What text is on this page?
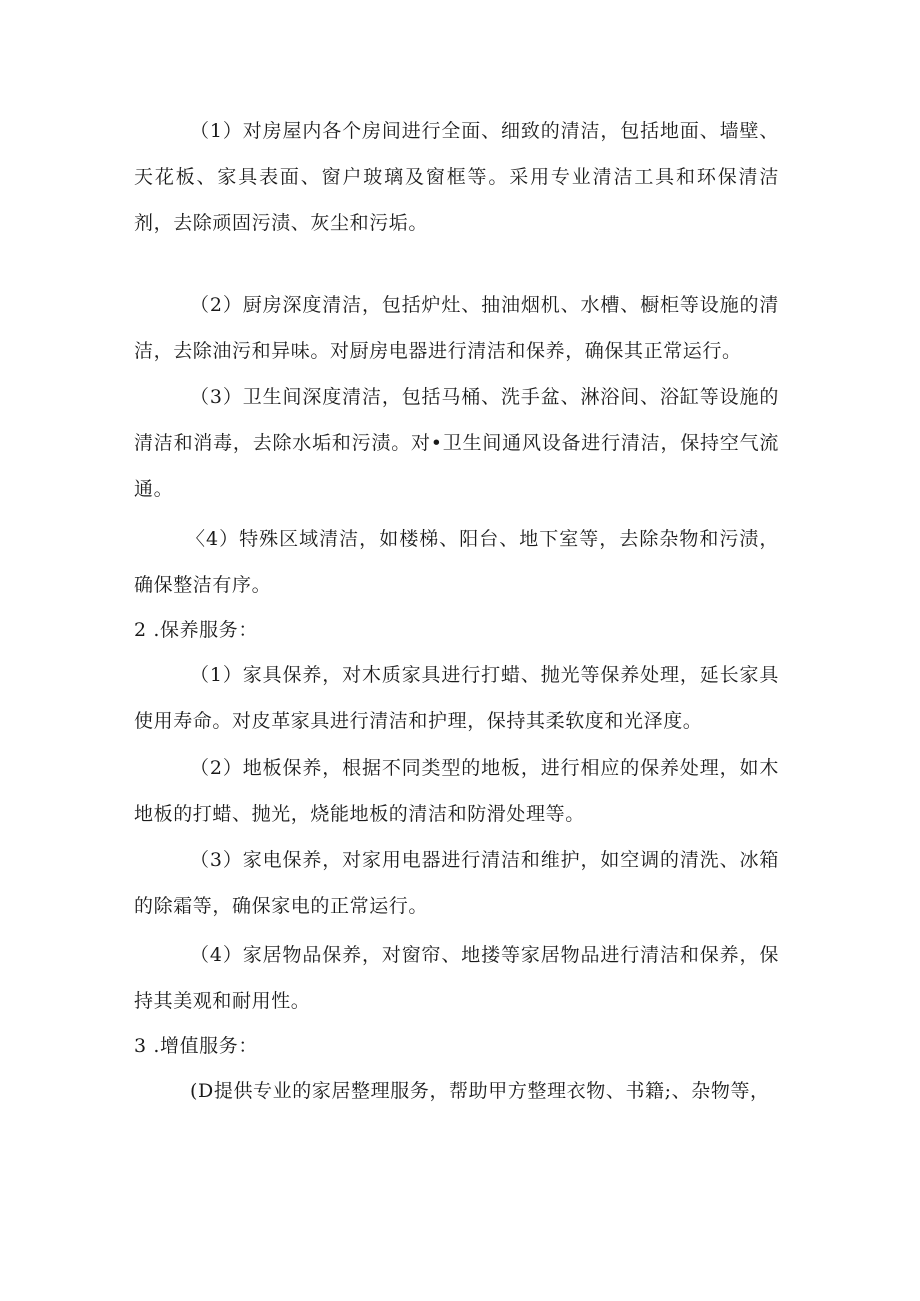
（1）对房屋内各个房间进行全面、细致的清洁，包括地面、墙壁、天花板、家具表面、窗户玻璃及窗框等。采用专业清洁工具和环保清洁剂，去除顽固污渍、灰尘和污垢。

（2）厨房深度清洁，包括炉灶、抽油烟机、水槽、橱柜等设施的清洁，去除油污和异味。对厨房电器进行清洁和保养，确保其正常运行。

（3）卫生间深度清洁，包括马桶、洗手盆、淋浴间、浴缸等设施的清洁和消毒，去除水垢和污渍。对•卫生间通风设备进行清洁，保持空气流通。

〈4）特殊区域清洁，如楼梯、阳台、地下室等，去除杂物和污渍，确保整洁有序。

2 .保养服务：

（1）家具保养，对木质家具进行打蜡、抛光等保养处理，延长家具使用寿命。对皮革家具进行清洁和护理，保持其柔软度和光泽度。

（2）地板保养，根据不同类型的地板，进行相应的保养处理，如木地板的打蜡、抛光，烧能地板的清洁和防滑处理等。

（3）家电保养，对家用电器进行清洁和维护，如空调的清洗、冰箱的除霜等，确保家电的正常运行。

（4）家居物品保养，对窗帘、地搂等家居物品进行清洁和保养，保持其美观和耐用性。

3 .增值服务：

(D提供专业的家居整理服务，帮助甲方整理衣物、书籍;、杂物等，
